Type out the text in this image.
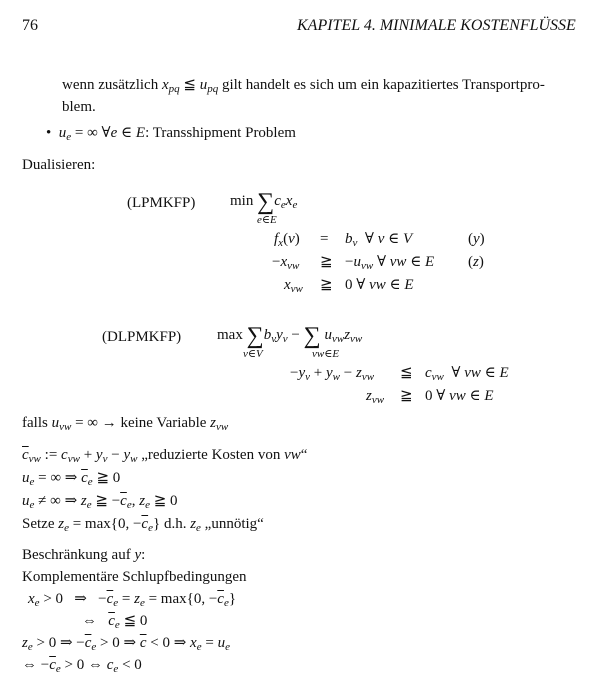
76	KAPITEL 4. MINIMALE KOSTENFLÜSSE
wenn zusätzlich $x_{pq}$ ≦ $u_{pq}$ gilt handelt es sich um ein kapazitiertes Transportpro-
blem.
•  $u_e$ = ∞ ∀e ∈ E: Transshipment Problem
Dualisieren:
(LPMKFP) $\min \sum c_ex_e$
e∈E
$f_x(v) = b_v$  ∀ v ∈ V	(y)
$-x_{vw}$ ≧ $-u_{vw}$ ∀ vw ∈ E (z)
$x_{vw}$ ≧ 0 ∀ vw ∈ E
(DLPMKFP) $\max \sum b_vy_v$ − ∑ $u_{vw}z_{vw}$
v∈V	vw∈E
$-y_v + y_w - z_{vw}$ ≦ $c_{vw}$  ∀ vw ∈ E
$z_{vw}$ ≧ 0 ∀ vw ∈ E
falls $u_{vw}$ = ∞ → keine Variable $z_{vw}$
$\overline{c}_{vw}$ := $c_{vw} + y_v - y_w$ „reduzierte Kosten von vw“
$u_e$ = ∞ ⇒ $\overline{c}_e$ ≧ 0
$u_e$ ≠ ∞ ⇒ $z_e$ ≧ $-\overline{c}_e$, $z_e$ ≧ 0
Setze $z_e = \max\{0$, $-\overline{c}_e$} d.h. $z_e$ „unnötig“
Beschränkung auf y:
Komplementäre Schlupfbedingungen
$x_e > 0$   ⇒   $-\overline{c}_e = z_e = \max\{0$, $-\overline{c}_e$}
⇔   $\overline{c}_e$ ≦ 0
$z_e > 0$ ⇒ $-\overline{c}_e > 0$ ⇒ $\overline{c} < 0$ ⇒ $x_e = u_e$
⇔ $-\overline{c}_e > 0$ ⇔ $c_e < 0$
